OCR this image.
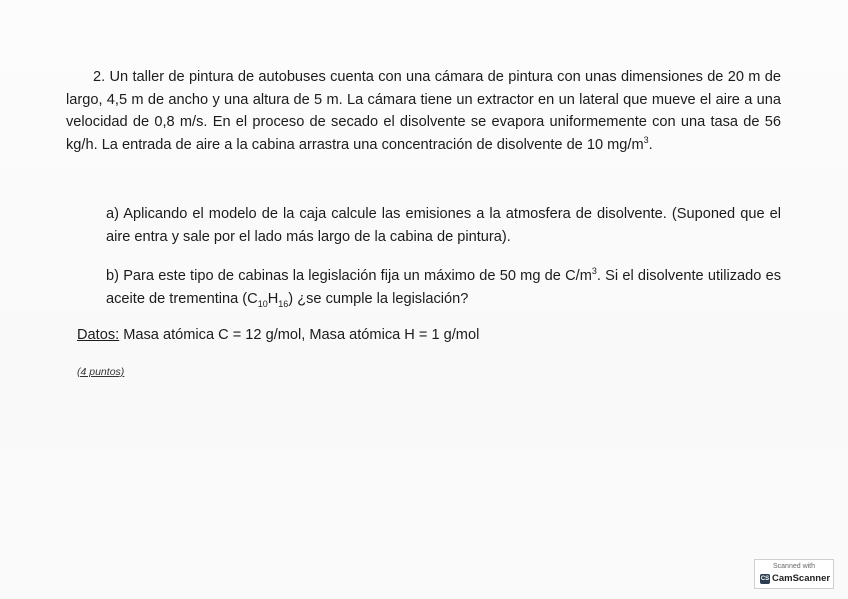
2. Un taller de pintura de autobuses cuenta con una cámara de pintura con unas dimensiones de 20 m de largo, 4,5 m de ancho y una altura de 5 m. La cámara tiene un extractor en un lateral que mueve el aire a una velocidad de 0,8 m/s. En el proceso de secado el disolvente se evapora uniformemente con una tasa de 56 kg/h. La entrada de aire a la cabina arrastra una concentración de disolvente de 10 $mg/m^3$.
a) Aplicando el modelo de la caja calcule las emisiones a la atmosfera de disolvente. (Suponed que el aire entra y sale por el lado más largo de la cabina de pintura).
b) Para este tipo de cabinas la legislación fija un máximo de 50 mg de $C/m^3$. Si el disolvente utilizado es aceite de trementina $(C_{10}H_{16})$ ¿se cumple la legislación?
Datos: Masa atómica C = 12 g/mol, Masa atómica H = 1 g/mol
(4 puntos)
Scanned with
CS CamScanner
